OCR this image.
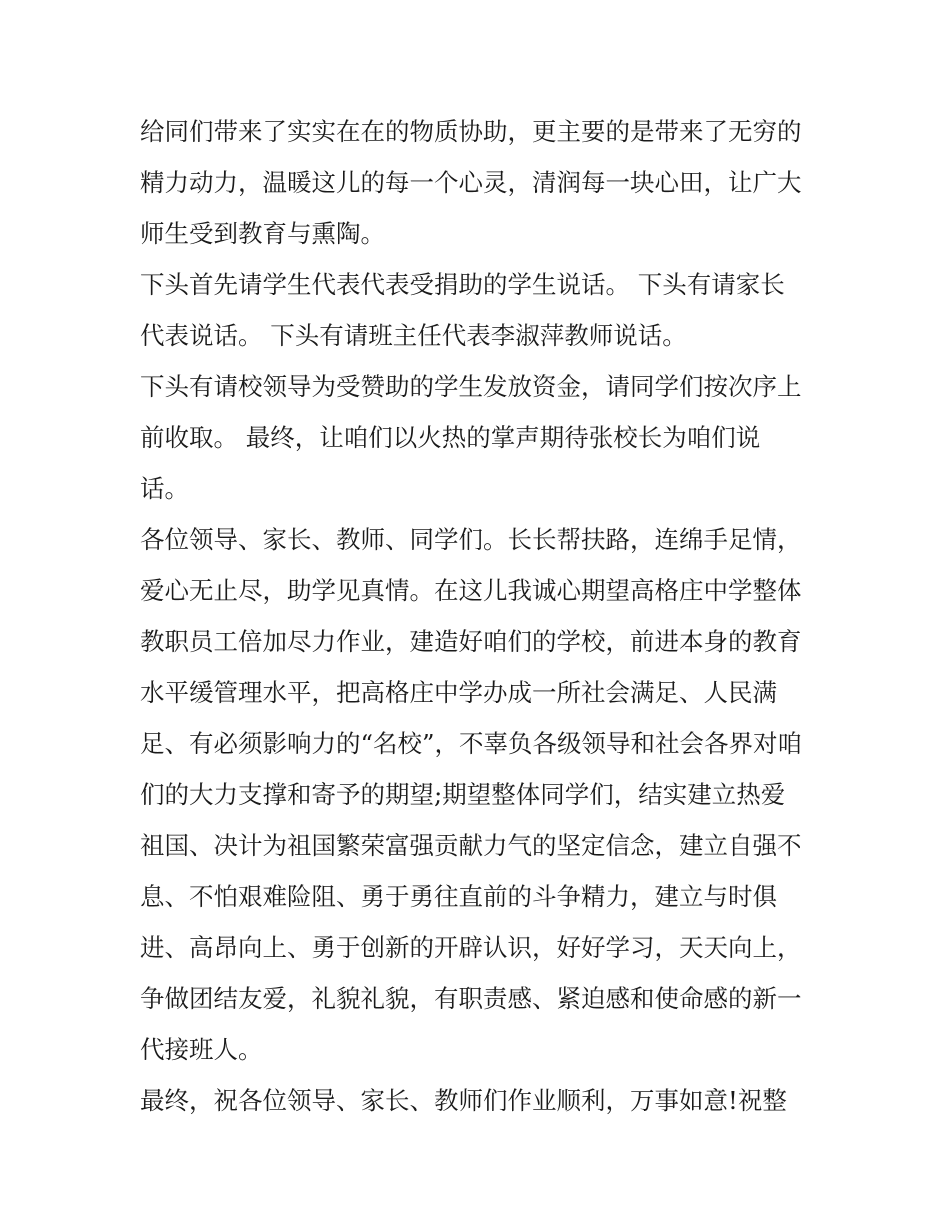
给同们带来了实实在在的物质协助，更主要的是带来了无穷的
精力动力，温暖这儿的每一个心灵，清润每一块心田，让广大
师生受到教育与熏陶。

下头首先请学生代表代表受捐助的学生说话。 下头有请家长
代表说话。 下头有请班主任代表李淑萍教师说话。

下头有请校领导为受赞助的学生发放资金，请同学们按次序上
前收取。 最终，让咱们以火热的掌声期待张校长为咱们说
话。

各位领导、家长、教师、同学们。长长帮扶路，连绵手足情，
爱心无止尽，助学见真情。在这儿我诚心期望高格庄中学整体
教职员工倍加尽力作业，建造好咱们的学校，前进本身的教育
水平缓管理水平，把高格庄中学办成一所社会满足、人民满
足、有必须影响力的“名校”，不辜负各级领导和社会各界对咱
们的大力支撑和寄予的期望;期望整体同学们，结实建立热爱
祖国、决计为祖国繁荣富强贡献力气的坚定信念，建立自强不
息、不怕艰难险阻、勇于勇往直前的斗争精力，建立与时俱
进、高昂向上、勇于创新的开辟认识，好好学习，天天向上，
争做团结友爱，礼貌礼貌，有职责感、紧迫感和使命感的新一
代接班人。

最终，祝各位领导、家长、教师们作业顺利，万事如意!祝整
